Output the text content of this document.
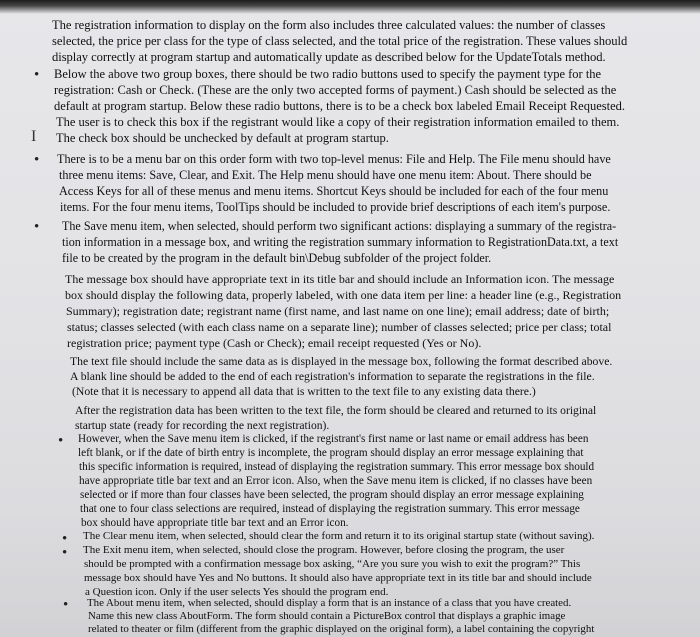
The registration information to display on the form also includes three calculated values: the number of classes

selected, the price per class for the type of class selected, and the total price of the registration. These values should

display correctly at program startup and automatically update as described below for the UpdateTotals method.

• Below the above two group boxes, there should be two radio buttons used to specify the payment type for the

registration: Cash or Check. (These are the only two accepted forms of payment.) Cash should be selected as the

default at program startup. Below these radio buttons, there is to be a check box labeled Email Receipt Requested.

The user is to check this box if the registrant would like a copy of their registration information emailed to them.

The check box should be unchecked by default at program startup.

I
• There is to be a menu bar on this order form with two top-level menus: File and Help. The File menu should have

three menu items: Save, Clear, and Exit. The Help menu should have one menu item: About. There should be

Access Keys for all of these menus and menu items. Shortcut Keys should be included for each of the four menu

items. For the four menu items, ToolTips should be included to provide brief descriptions of each item's purpose.

• The Save menu item, when selected, should perform two significant actions: displaying a summary of the registra-

tion information in a message box, and writing the registration summary information to RegistrationData.txt, a text

file to be created by the program in the default bin\Debug subfolder of the project folder.

The message box should have appropriate text in its title bar and should include an Information icon. The message

box should display the following data, properly labeled, with one data item per line: a header line (e.g., Registration

Summary); registration date; registrant name (first name, and last name on one line); email address; date of birth;

status; classes selected (with each class name on a separate line); number of classes selected; price per class; total

registration price; payment type (Cash or Check); email receipt requested (Yes or No).

The text file should include the same data as is displayed in the message box, following the format described above.

A blank line should be added to the end of each registration's information to separate the registrations in the file.

(Note that it is necessary to append all data that is written to the text file to any existing data there.)

After the registration data has been written to the text file, the form should be cleared and returned to its original

startup state (ready for recording the next registration).

• However, when the Save menu item is clicked, if the registrant's first name or last name or email address has been

left blank, or if the date of birth entry is incomplete, the program should display an error message explaining that

this specific information is required, instead of displaying the registration summary. This error message box should

have appropriate title bar text and an Error icon. Also, when the Save menu item is clicked, if no classes have been

selected or if more than four classes have been selected, the program should display an error message explaining

that one to four class selections are required, instead of displaying the registration summary. This error message

box should have appropriate title bar text and an Error icon.

•
•

The Clear menu item, when selected, should clear the form and return it to its original startup state (without saving).

The Exit menu item, when selected, should close the program. However, before closing the program, the user

should be prompted with a confirmation message box asking, “Are you sure you wish to exit the program?” This

message box should have Yes and No buttons. It should also have appropriate text in its title bar and should include

a Question icon. Only if the user selects Yes should the program end.

• The About menu item, when selected, should display a form that is an instance of a class that you have created.

Name this new class AboutForm. The form should contain a PictureBox control that displays a graphic image

related to theater or film (different from the graphic displayed on the original form), a label containing the copyright
